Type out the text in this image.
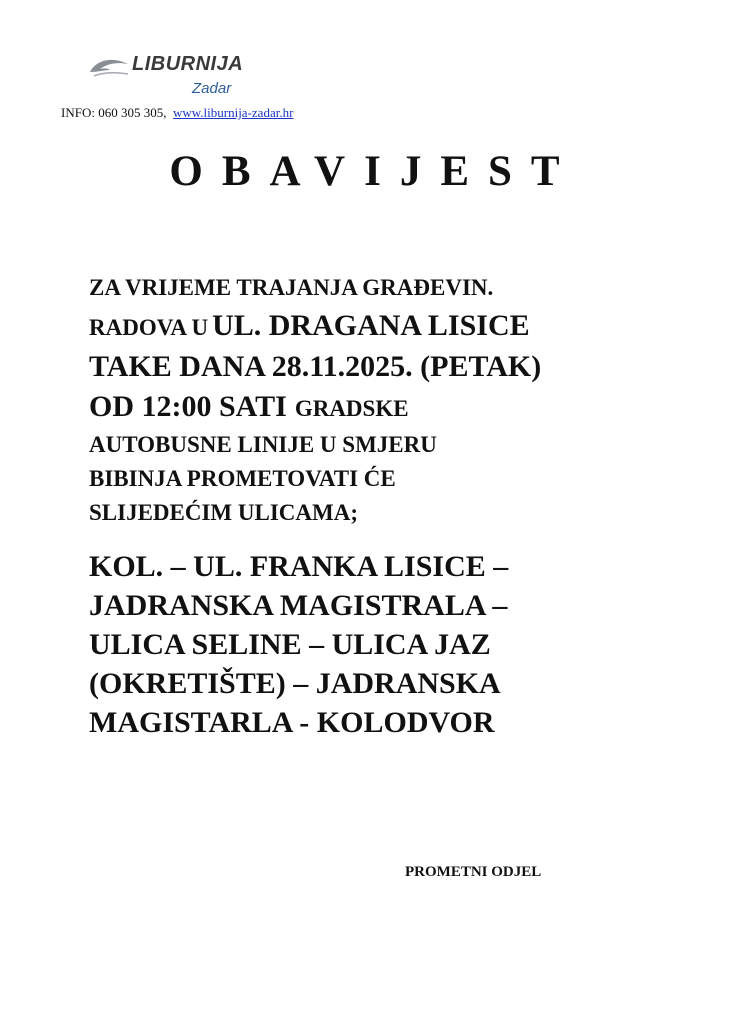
LIBURNIJA
Zadar
INFO: 060 305 305, www.liburnija-zadar.hr
OBAVIJEST
ZA VRIJEME TRAJANJA GRAĐEVIN.
RADOVA U UL. DRAGANA LISICE
TAKE DANA 28.11.2025. (PETAK)
OD 12:00 SATI GRADSKE
AUTOBUSNE LINIJE U SMJERU
BIBINJA PROMETOVATI ĆE
SLIJEDEĆIM ULICAMA;
KOL. – UL. FRANKA LISICE –
JADRANSKA MAGISTRALA –
ULICA SELINE – ULICA JAZ
(OKRETIŠTE) – JADRANSKA
MAGISTARLA - KOLODVOR
PROMETNI ODJEL
